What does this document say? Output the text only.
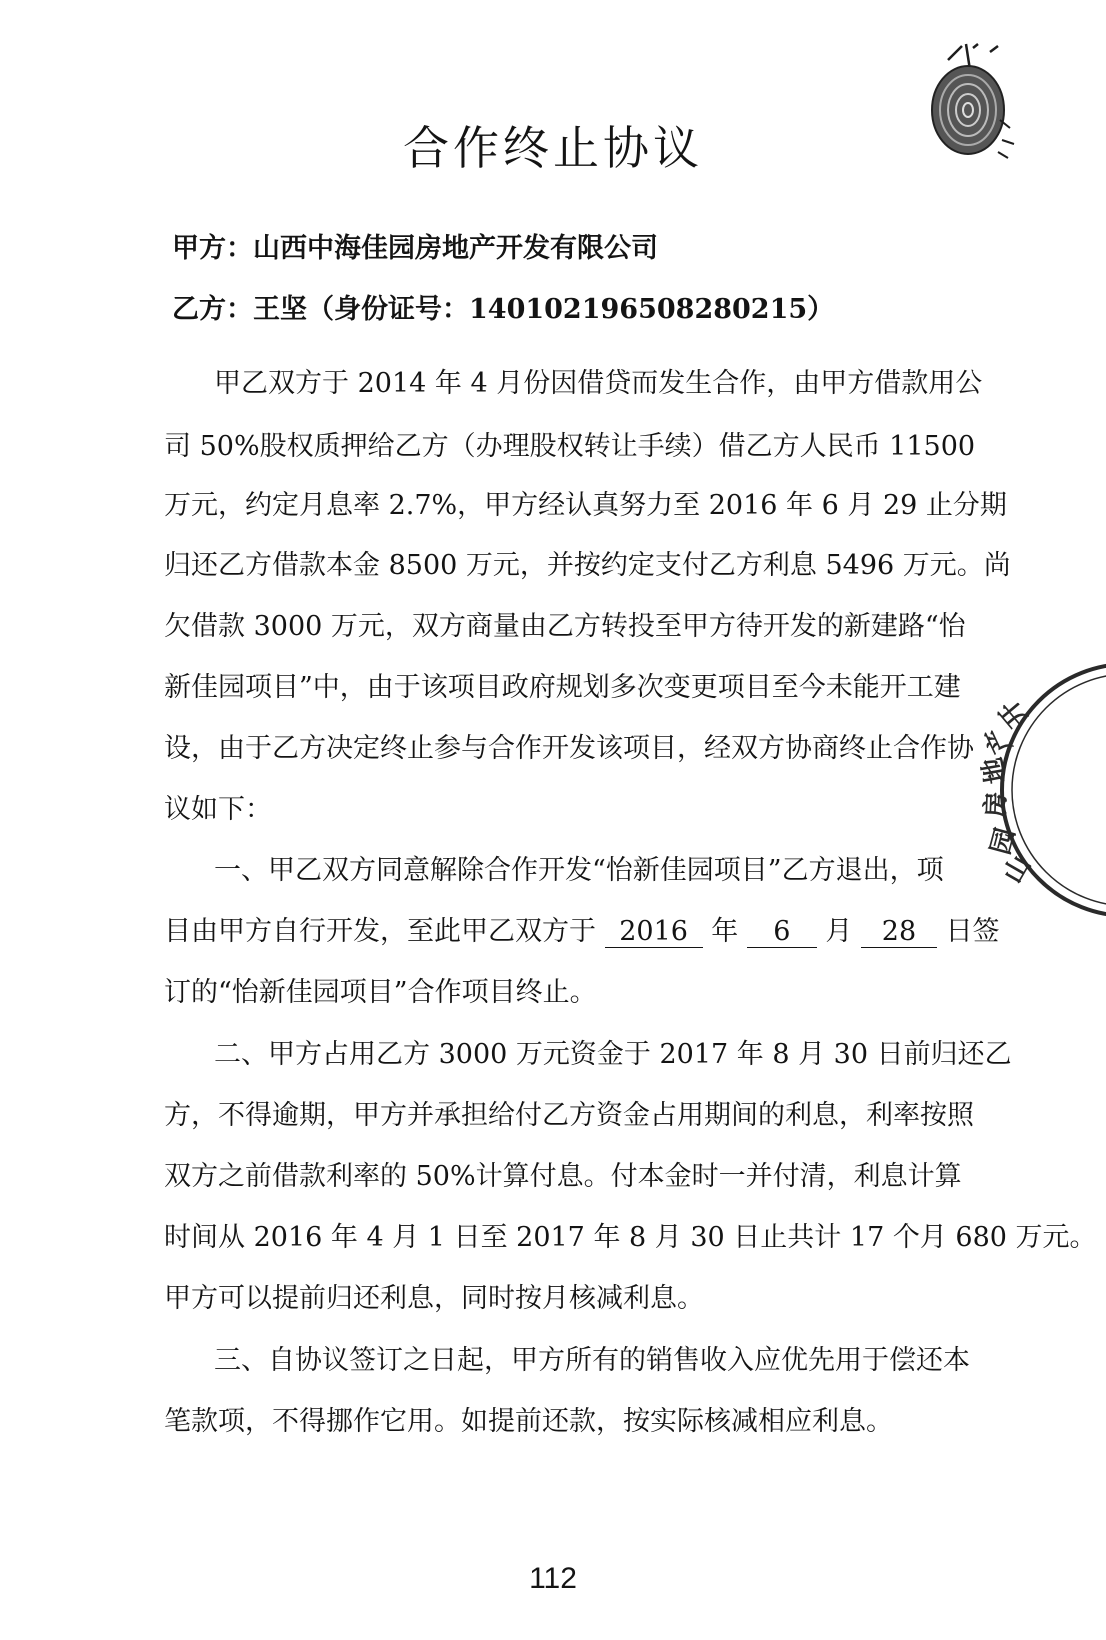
合作终止协议
甲方：山西中海佳园房地产开发有限公司
乙方：王坚（身份证号：140102196508280215）
甲乙双方于 2014 年 4 月份因借贷而发生合作，由甲方借款用公
司 50%股权质押给乙方（办理股权转让手续）借乙方人民币 11500
万元，约定月息率 2.7%，甲方经认真努力至 2016 年 6 月 29 止分期
归还乙方借款本金 8500 万元，并按约定支付乙方利息 5496 万元。尚
欠借款 3000 万元，双方商量由乙方转投至甲方待开发的新建路“怡
新佳园项目”中，由于该项目政府规划多次变更项目至今未能开工建
设，由于乙方决定终止参与合作开发该项目，经双方协商终止合作协
议如下：
一、甲乙双方同意解除合作开发“怡新佳园项目”乙方退出，项
目由甲方自行开发，至此甲乙双方于 2016 年 6 月 28 日签
订的“怡新佳园项目”合作项目终止。
二、甲方占用乙方 3000 万元资金于 2017 年 8 月 30 日前归还乙
方，不得逾期，甲方并承担给付乙方资金占用期间的利息，利率按照
双方之前借款利率的 50%计算付息。付本金时一并付清，利息计算
时间从 2016 年 4 月 1 日至 2017 年 8 月 30 日止共计 17 个月 680 万元。
甲方可以提前归还利息，同时按月核减利息。
三、自协议签订之日起，甲方所有的销售收入应优先用于偿还本
笔款项，不得挪作它用。如提前还款，按实际核减相应利息。
山
园
房
地
产
开
112
